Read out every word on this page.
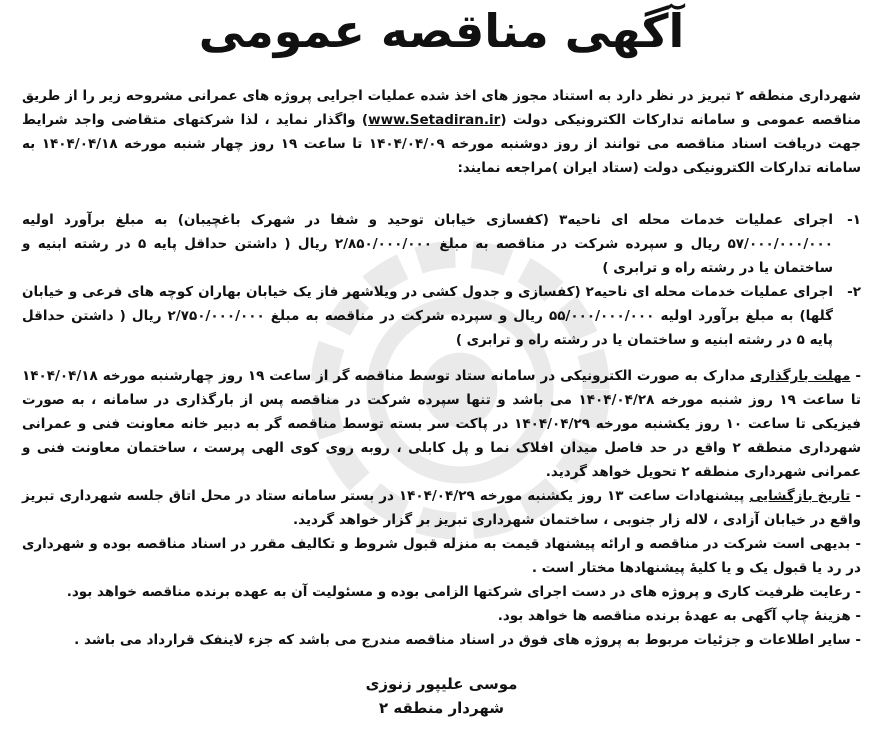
آگهی مناقصه عمومی

شهرداری منطقه ۲ تبریز در نظر دارد به استناد مجوز های اخذ شده عملیات اجرایی پروژه های عمرانی مشروحه زیر را از طریق مناقصه عمومی و سامانه تدارکات الکترونیکی دولت (www.Setadiran.ir) واگذار نماید ، لذا شرکتهای متقاضی واجد شرایط جهت دریافت اسناد مناقصه می توانند از روز دوشنبه مورخه ۱۴۰۴/۰۴/۰۹ تا ساعت ۱۹ روز چهار شنبه مورخه ۱۴۰۴/۰۴/۱۸ به سامانه تدارکات الکترونیکی دولت (ستاد ایران )مراجعه نمایند:

۱-

اجرای عملیات خدمات محله ای ناحیه۳ (کفسازی خیابان توحید و شفا در شهرک باغچیبان) به مبلغ برآورد اولیه ۵۷/۰۰۰/۰۰۰/۰۰۰ ریال و سپرده شرکت در مناقصه به مبلغ ۲/۸۵۰/۰۰۰/۰۰۰ ریال ( داشتن حداقل پایه ۵ در رشته ابنیه و ساختمان یا در رشته راه و ترابری )

۲-

اجرای عملیات خدمات محله ای ناحیه۲ (کفسازی و جدول کشی در ویلاشهر فاز یک خیابان بهاران کوچه های فرعی و خیابان گلها) به مبلغ برآورد اولیه ۵۵/۰۰۰/۰۰۰/۰۰۰ ریال و سپرده شرکت در مناقصه به مبلغ ۲/۷۵۰/۰۰۰/۰۰۰ ریال ( داشتن حداقل پایه ۵ در رشته ابنیه و ساختمان یا در رشته راه و ترابری )

- مهلت بارگذاری مدارک به صورت الکترونیکی در سامانه ستاد توسط مناقصه گر از ساعت ۱۹ روز چهارشنبه مورخه ۱۴۰۴/۰۴/۱۸ تا ساعت ۱۹ روز شنبه مورخه ۱۴۰۴/۰۴/۲۸ می باشد و تنها سپرده شرکت در مناقصه پس از بارگذاری در سامانه ، به صورت فیزیکی تا ساعت ۱۰ روز یکشنبه مورخه ۱۴۰۴/۰۴/۲۹ در پاکت سر بسته توسط مناقصه گر به دبیر خانه معاونت فنی و عمرانی شهرداری منطقه ۲ واقع در حد فاصل میدان افلاک نما و پل کابلی ، روبه روی کوی الهی پرست ، ساختمان معاونت فنی و عمرانی شهرداری منطقه ۲ تحویل خواهد گردید.

- تاریخ بازگشایی پیشنهادات ساعت ۱۳ روز یکشنبه مورخه ۱۴۰۴/۰۴/۲۹ در بستر سامانه ستاد در محل اتاق جلسه شهرداری تبریز واقع در خیابان آزادی ، لاله زار جنوبی ، ساختمان شهرداری تبریز بر گزار خواهد گردید.

- بدیهی است شرکت در مناقصه و ارائه پیشنهاد قیمت به منزله قبول شروط و تکالیف مقرر در اسناد مناقصه بوده و شهرداری در رد یا قبول یک و یا کلیۀ پیشنهادها مختار است .

- رعایت ظرفیت کاری و پروژه های در دست اجرای شرکتها الزامی بوده و مسئولیت آن به عهده برنده مناقصه خواهد بود.

- هزینۀ چاپ آگهی به عهدۀ برنده مناقصه ها خواهد بود.

- سایر اطلاعات و جزئیات مربوط به پروژه های فوق در اسناد مناقصه مندرج می باشد که جزء لاینفک قرارداد می باشد .

موسی علیپور زنوزی
شهردار منطقه ۲
